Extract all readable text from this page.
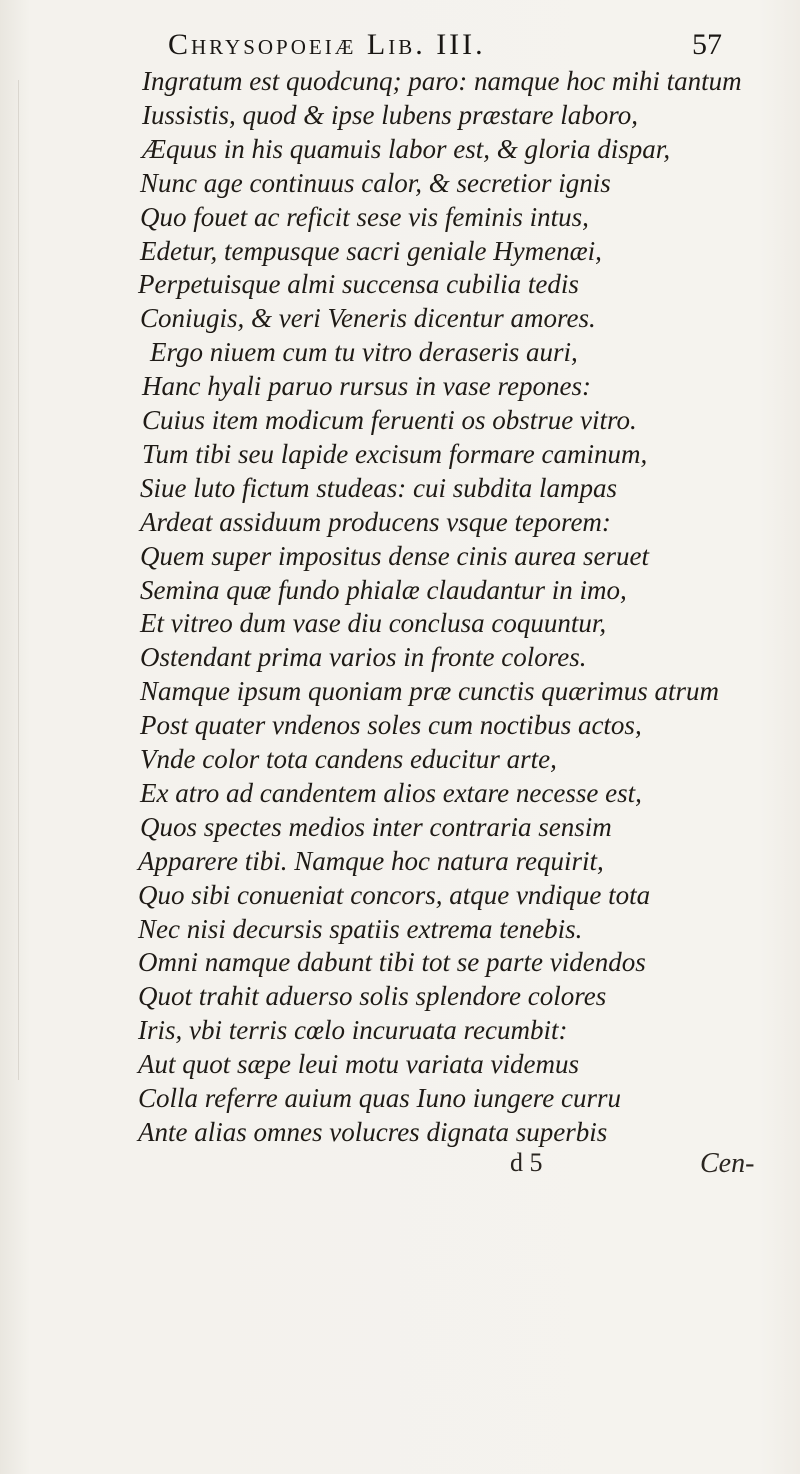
Chrysopoeiæ Lib. III.	57
Ingratum est quodcunq; paro: namque hoc mihi tantum
Iussistis, quod & ipse lubens præstare laboro,
Æquus in his quamuis labor est, & gloria dispar,
Nunc age continuus calor, & secretior ignis
Quo fouet ac reficit sese vis feminis intus,
Edetur, tempusque sacri geniale Hymenæi,
Perpetuisque almi succensa cubilia tedis
Coniugis, & veri Veneris dicentur amores.
Ergo niuem cum tu vitro deraseris auri,
Hanc hyali paruo rursus in vase repones:
Cuius item modicum feruenti os obstrue vitro.
Tum tibi seu lapide excisum formare caminum,
Siue luto fictum studeas: cui subdita lampas
Ardeat assiduum producens vsque teporem:
Quem super impositus dense cinis aurea seruet
Semina quæ fundo phialæ claudantur in imo,
Et vitreo dum vase diu conclusa coquuntur,
Ostendant prima varios in fronte colores.
Namque ipsum quoniam præ cunctis quærimus atrum
Post quater vndenos soles cum noctibus actos,
Vnde color tota candens educitur arte,
Ex atro ad candentem alios extare necesse est,
Quos spectes medios inter contraria sensim
Apparere tibi. Namque hoc natura requirit,
Quo sibi conueniat concors, atque vndique tota
Nec nisi decursis spatiis extrema tenebis.
Omni namque dabunt tibi tot se parte videndos
Quot trahit aduerso solis splendore colores
Iris, vbi terris cœlo incuruata recumbit:
Aut quot sæpe leui motu variata videmus
Colla referre auium quas Iuno iungere curru
Ante alias omnes volucres dignata superbis
d 5	Cen-
